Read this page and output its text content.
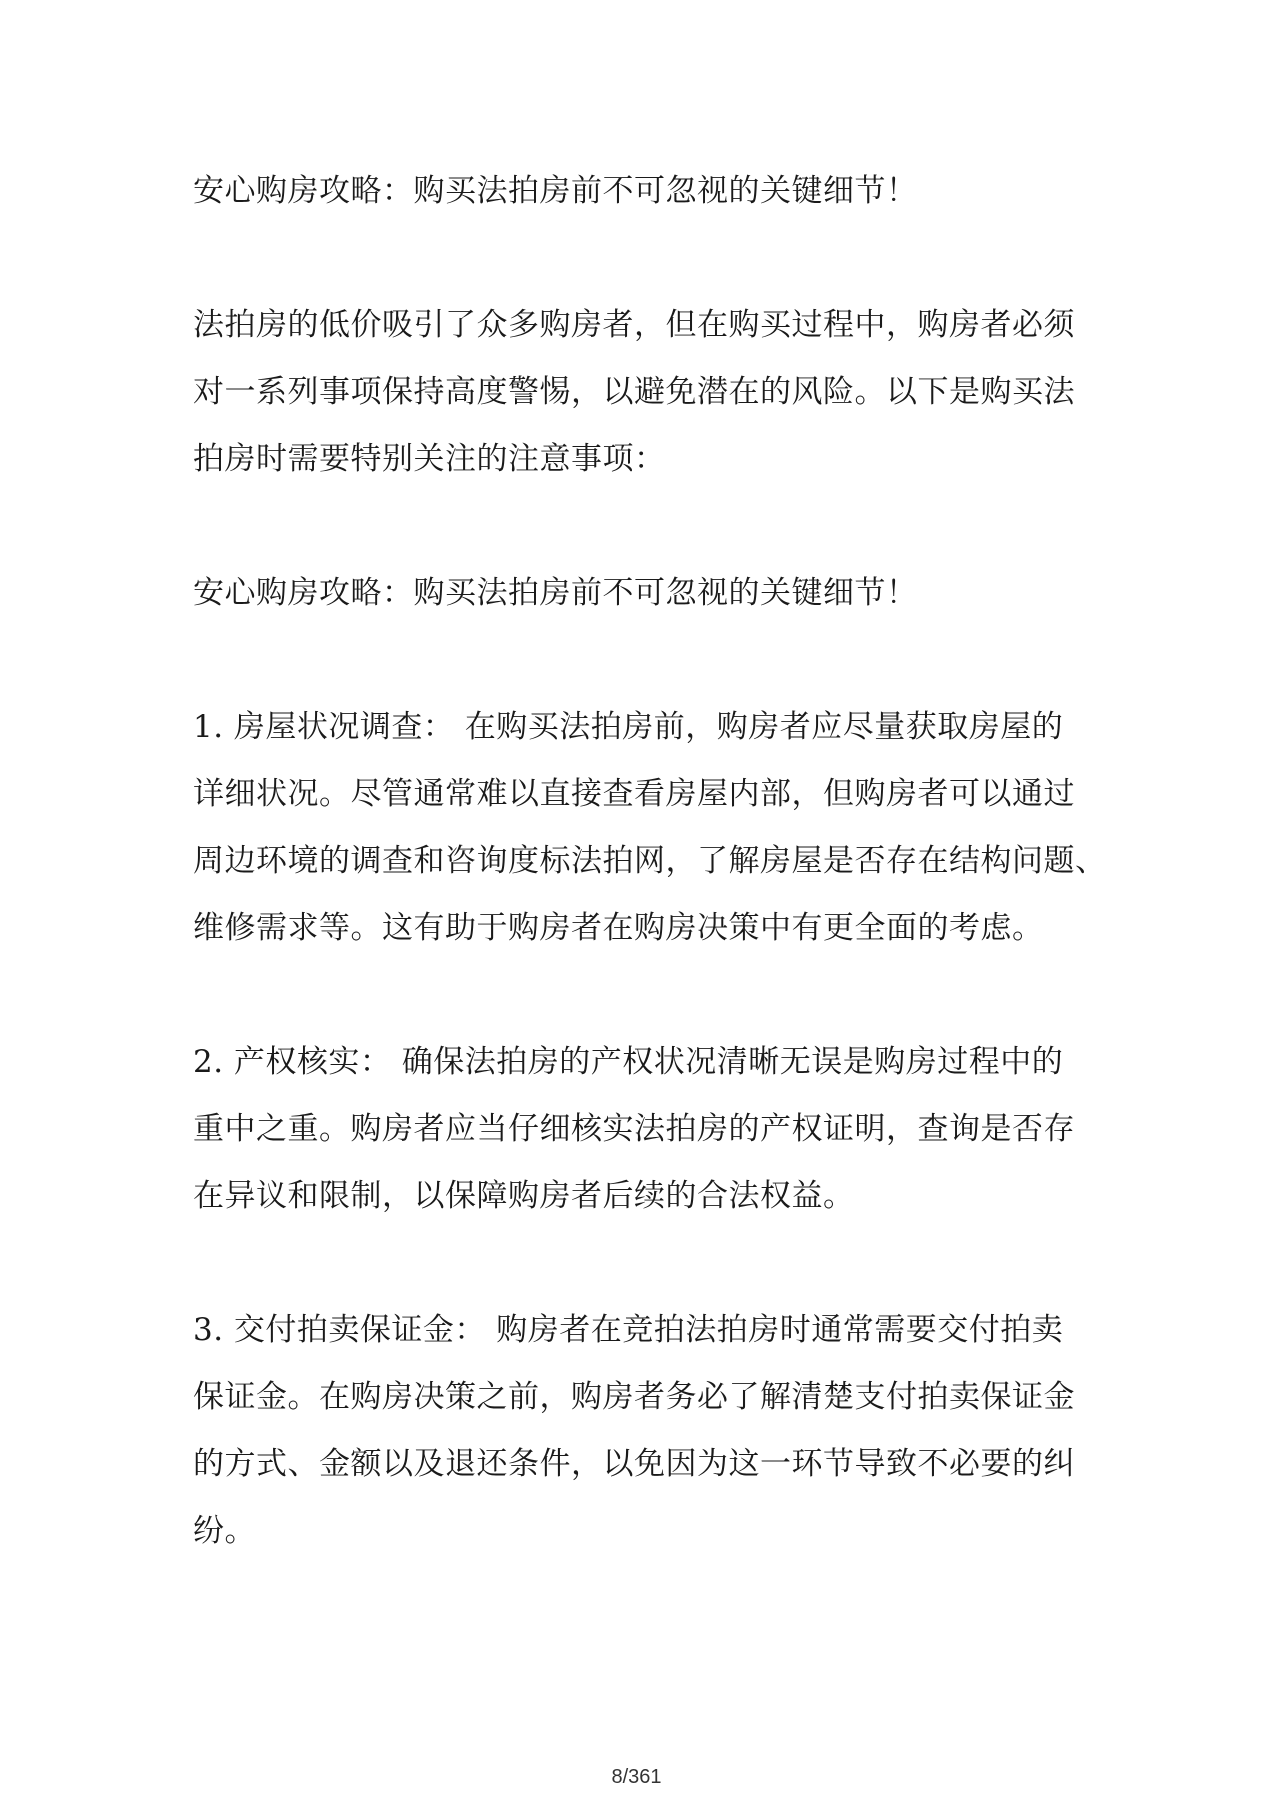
安心购房攻略：购买法拍房前不可忽视的关键细节！

法拍房的低价吸引了众多购房者，但在购买过程中，购房者必须
对一系列事项保持高度警惕，以避免潜在的风险。以下是购买法
拍房时需要特别关注的注意事项：

安心购房攻略：购买法拍房前不可忽视的关键细节！

1. 房屋状况调查： 在购买法拍房前，购房者应尽量获取房屋的
详细状况。尽管通常难以直接查看房屋内部，但购房者可以通过
周边环境的调查和咨询度标法拍网，了解房屋是否存在结构问题、
维修需求等。这有助于购房者在购房决策中有更全面的考虑。

2. 产权核实： 确保法拍房的产权状况清晰无误是购房过程中的
重中之重。购房者应当仔细核实法拍房的产权证明，查询是否存
在异议和限制，以保障购房者后续的合法权益。

3. 交付拍卖保证金： 购房者在竞拍法拍房时通常需要交付拍卖
保证金。在购房决策之前，购房者务必了解清楚支付拍卖保证金
的方式、金额以及退还条件，以免因为这一环节导致不必要的纠
纷。

8/361
